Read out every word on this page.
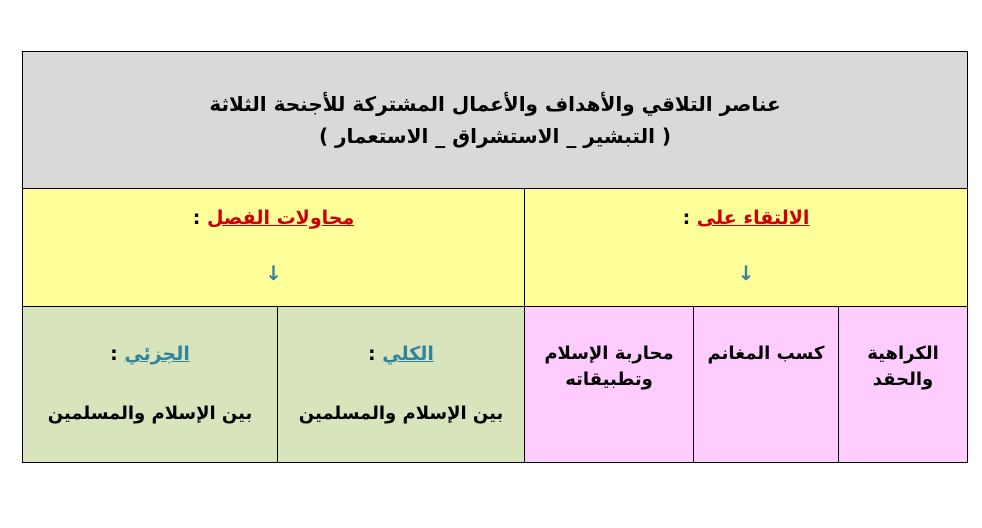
عناصر التلاقي والأهداف والأعمال المشتركة للأجنحة الثلاثة
( التبشير _ الاستشراق _ الاستعمار )
الالتقاء على :
↓
محاولات الفصل :
↓
الكراهية
والحقد
كسب المغانم
محاربة الإسلام
وتطبيقاته
الكلي :
بين الإسلام والمسلمين
الجزئي :
بين الإسلام والمسلمين
